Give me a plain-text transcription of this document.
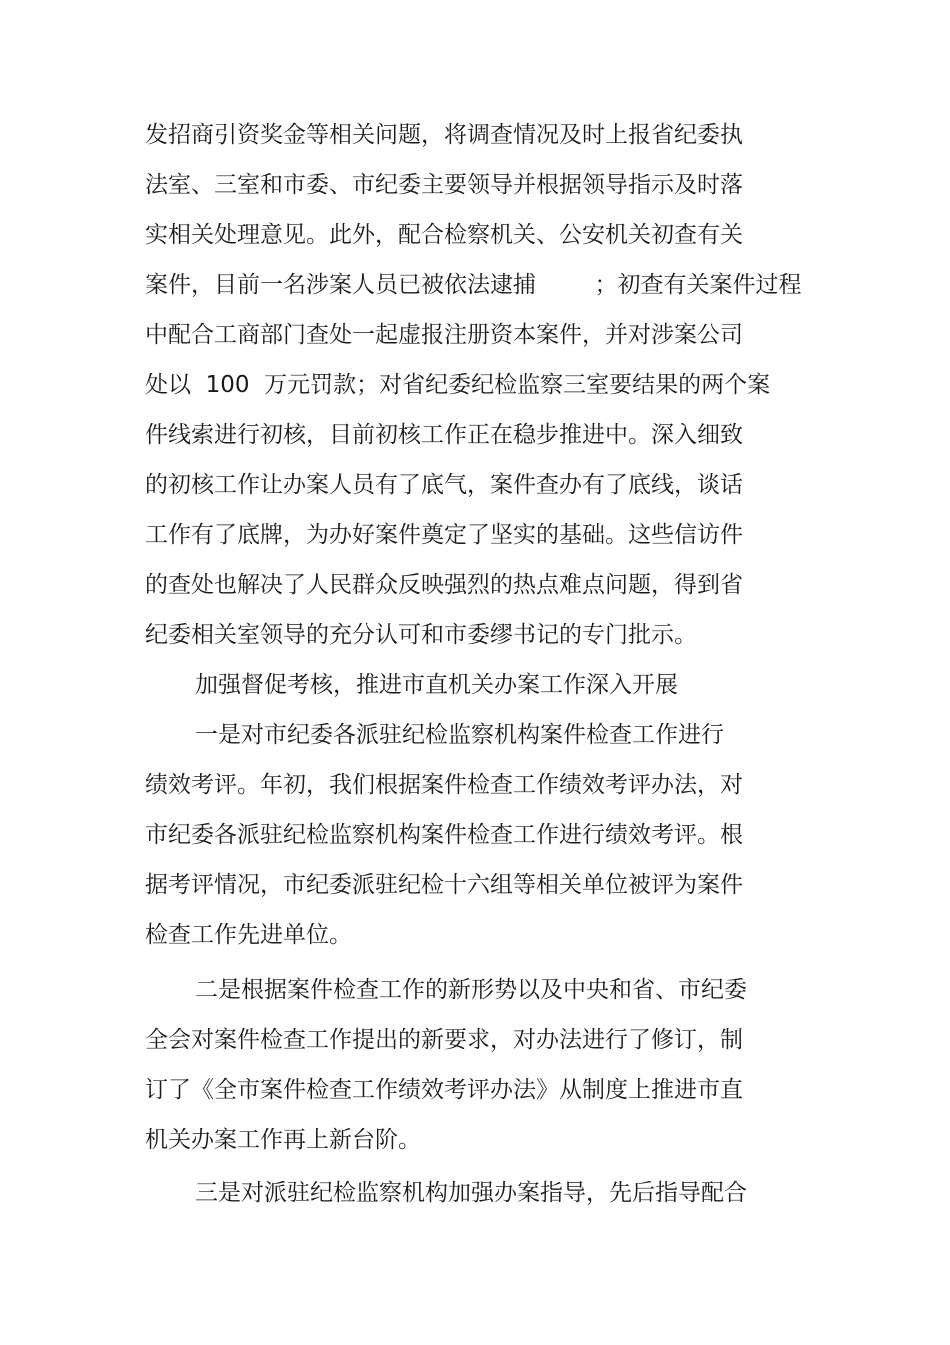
发招商引资奖金等相关问题，将调查情况及时上报省纪委执
法室、三室和市委、市纪委主要领导并根据领导指示及时落
实相关处理意见。此外，配合检察机关、公安机关初查有关
案件，目前一名涉案人员已被依法逮捕        ；初查有关案件过程
中配合工商部门查处一起虚报注册资本案件，并对涉案公司
处以  100  万元罚款；对省纪委纪检监察三室要结果的两个案
件线索进行初核，目前初核工作正在稳步推进中。深入细致
的初核工作让办案人员有了底气，案件查办有了底线，谈话
工作有了底牌，为办好案件奠定了坚实的基础。这些信访件
的查处也解决了人民群众反映强烈的热点难点问题，得到省
纪委相关室领导的充分认可和市委缪书记的专门批示。
加强督促考核，推进市直机关办案工作深入开展
一是对市纪委各派驻纪检监察机构案件检查工作进行
绩效考评。年初，我们根据案件检查工作绩效考评办法，对
市纪委各派驻纪检监察机构案件检查工作进行绩效考评。根
据考评情况，市纪委派驻纪检十六组等相关单位被评为案件
检查工作先进单位。
二是根据案件检查工作的新形势以及中央和省、市纪委
全会对案件检查工作提出的新要求，对办法进行了修订，制
订了《全市案件检查工作绩效考评办法》从制度上推进市直
机关办案工作再上新台阶。
三是对派驻纪检监察机构加强办案指导，先后指导配合
